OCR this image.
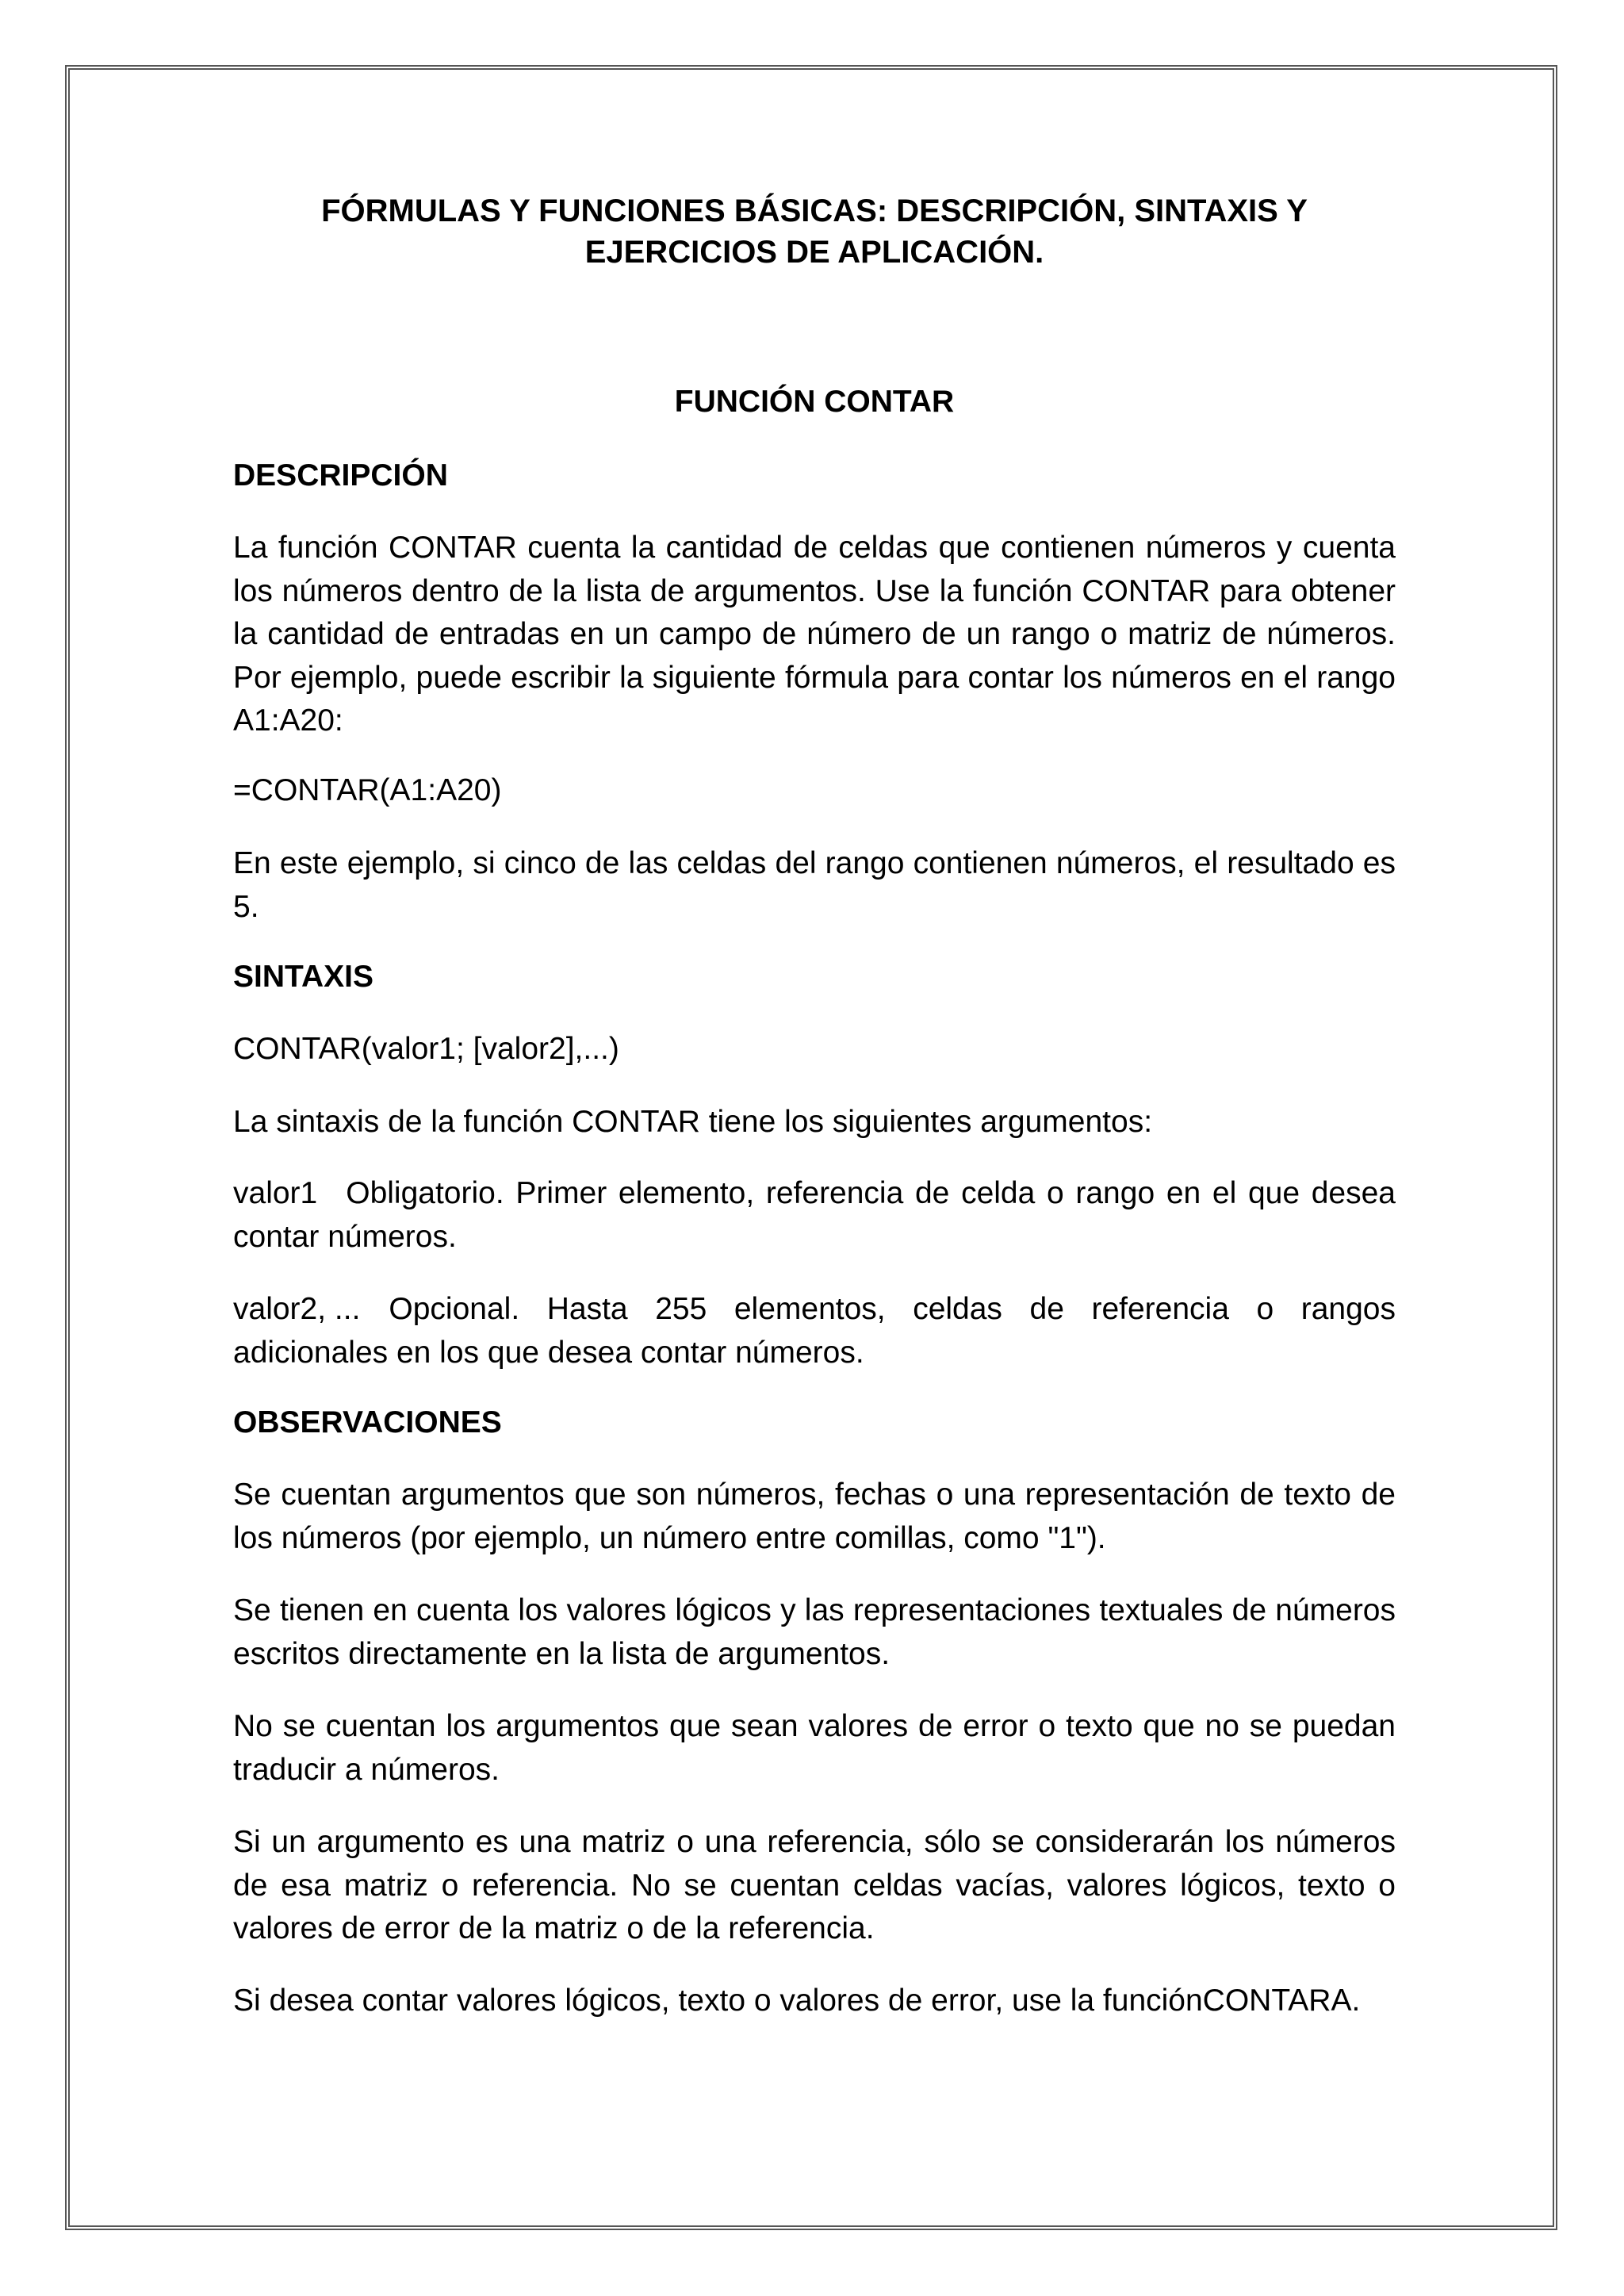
FÓRMULAS Y FUNCIONES BÁSICAS: DESCRIPCIÓN, SINTAXIS Y EJERCICIOS DE APLICACIÓN.
FUNCIÓN CONTAR
DESCRIPCIÓN

La función CONTAR cuenta la cantidad de celdas que contienen números y cuenta los números dentro de la lista de argumentos. Use la función CONTAR para obtener la cantidad de entradas en un campo de número de un rango o matriz de números. Por ejemplo, puede escribir la siguiente fórmula para contar los números en el rango A1:A20:

=CONTAR(A1:A20)

En este ejemplo, si cinco de las celdas del rango contienen números, el resultado es 5.

SINTAXIS

CONTAR(valor1; [valor2],...)

La sintaxis de la función CONTAR tiene los siguientes argumentos:

valor1 Obligatorio. Primer elemento, referencia de celda o rango en el que desea contar números.

valor2, ... Opcional. Hasta 255 elementos, celdas de referencia o rangos adicionales en los que desea contar números.

OBSERVACIONES

Se cuentan argumentos que son números, fechas o una representación de texto de los números (por ejemplo, un número entre comillas, como "1").

Se tienen en cuenta los valores lógicos y las representaciones textuales de números escritos directamente en la lista de argumentos.

No se cuentan los argumentos que sean valores de error o texto que no se puedan traducir a números.

Si un argumento es una matriz o una referencia, sólo se considerarán los números de esa matriz o referencia. No se cuentan celdas vacías, valores lógicos, texto o valores de error de la matriz o de la referencia.

Si desea contar valores lógicos, texto o valores de error, use la funciónCONTARA.
